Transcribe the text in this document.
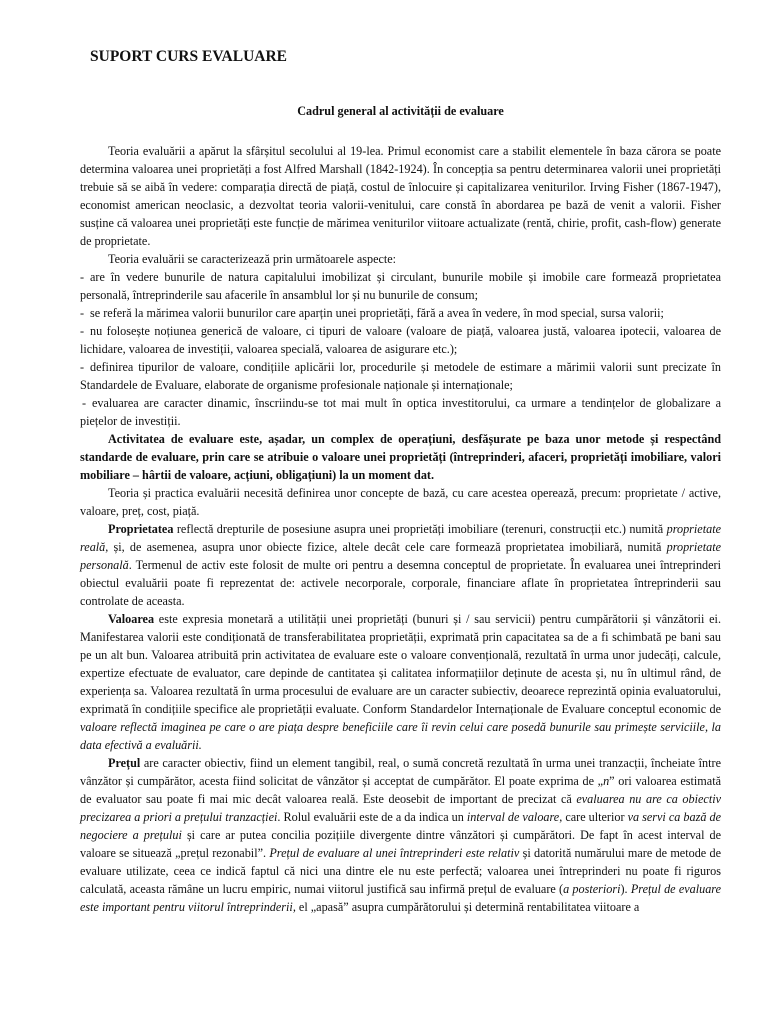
SUPORT CURS EVALUARE
Cadrul general al activității de evaluare

Teoria evaluării a apărut la sfârșitul secolului al 19-lea. Primul economist care a stabilit elementele în baza cărora se poate determina valoarea unei proprietăți a fost Alfred Marshall (1842-1924). În concepția sa pentru determinarea valorii unei proprietăți trebuie să se aibă în vedere: comparația directă de piață, costul de înlocuire și capitalizarea veniturilor. Irving Fisher (1867-1947), economist american neoclasic, a dezvoltat teoria valorii-venitului, care constă în abordarea pe bază de venit a valorii. Fisher susține că valoarea unei proprietăți este funcție de mărimea veniturilor viitoare actualizate (rentă, chirie, profit, cash-flow) generate de proprietate.

Teoria evaluării se caracterizează prin următoarele aspecte:

- are în vedere bunurile de natura capitalului imobilizat și circulant, bunurile mobile și imobile care formează proprietatea personală, întreprinderile sau afacerile în ansamblul lor și nu bunurile de consum;

- se referă la mărimea valorii bunurilor care aparțin unei proprietăți, fără a avea în vedere, în mod special, sursa valorii;

- nu folosește noțiunea generică de valoare, ci tipuri de valoare (valoare de piață, valoarea justă, valoarea ipotecii, valoarea de lichidare, valoarea de investiții, valoarea specială, valoarea de asigurare etc.);

- definirea tipurilor de valoare, condițiile aplicării lor, procedurile și metodele de estimare a mărimii valorii sunt precizate în Standardele de Evaluare, elaborate de organisme profesionale naționale și internaționale;

- evaluarea are caracter dinamic, înscriindu-se tot mai mult în optica investitorului, ca urmare a tendințelor de globalizare a piețelor de investiții.

Activitatea de evaluare este, așadar, un complex de operațiuni, desfășurate pe baza unor metode și respectând standarde de evaluare, prin care se atribuie o valoare unei proprietăți (întreprinderi, afaceri, proprietăți imobiliare, valori mobiliare – hârtii de valoare, acțiuni, obligațiuni) la un moment dat.

Teoria și practica evaluării necesită definirea unor concepte de bază, cu care acestea operează, precum: proprietate / active, valoare, preț, cost, piață.

Proprietatea reflectă drepturile de posesiune asupra unei proprietăți imobiliare (terenuri, construcții etc.) numită proprietate reală, și, de asemenea, asupra unor obiecte fizice, altele decât cele care formează proprietatea imobiliară, numită proprietate personală. Termenul de activ este folosit de multe ori pentru a desemna conceptul de proprietate. În evaluarea unei întreprinderi obiectul evaluării poate fi reprezentat de: activele necorporale, corporale, financiare aflate în proprietatea întreprinderii sau controlate de aceasta.

Valoarea este expresia monetară a utilității unei proprietăți (bunuri și / sau servicii) pentru cumpărătorii și vânzătorii ei. Manifestarea valorii este condiționată de transferabilitatea proprietății, exprimată prin capacitatea sa de a fi schimbată pe bani sau pe un alt bun. Valoarea atribuită prin activitatea de evaluare este o valoare convențională, rezultată în urma unor judecăți, calcule, expertize efectuate de evaluator, care depinde de cantitatea și calitatea informațiilor deținute de acesta și, nu în ultimul rând, de experiența sa. Valoarea rezultată în urma procesului de evaluare are un caracter subiectiv, deoarece reprezintă opinia evaluatorului, exprimată în condițiile specifice ale proprietății evaluate. Conform Standardelor Internaționale de Evaluare conceptul economic de valoare reflectă imaginea pe care o are piața despre beneficiile care îi revin celui care posedă bunurile sau primește serviciile, la data efectivă a evaluării.

Prețul are caracter obiectiv, fiind un element tangibil, real, o sumă concretă rezultată în urma unei tranzacții, încheiate între vânzător și cumpărător, acesta fiind solicitat de vânzător și acceptat de cumpărător. El poate exprima de „n” ori valoarea estimată de evaluator sau poate fi mai mic decât valoarea reală. Este deosebit de important de precizat că evaluarea nu are ca obiectiv precizarea a priori a prețului tranzacției. Rolul evaluării este de a da indica un interval de valoare, care ulterior va servi ca bază de negociere a prețului și care ar putea concilia pozițiile divergente dintre vânzători și cumpărători. De fapt în acest interval de valoare se situează „prețul rezonabil”. Prețul de evaluare al unei întreprinderi este relativ și datorită numărului mare de metode de evaluare utilizate, ceea ce indică faptul că nici una dintre ele nu este perfectă; valoarea unei întreprinderi nu poate fi riguros calculată, aceasta rămâne un lucru empiric, numai viitorul justifică sau infirmă prețul de evaluare (a posteriori). Prețul de evaluare este important pentru viitorul întreprinderii, el „apasă” asupra cumpărătorului și determină rentabilitatea viitoare a
